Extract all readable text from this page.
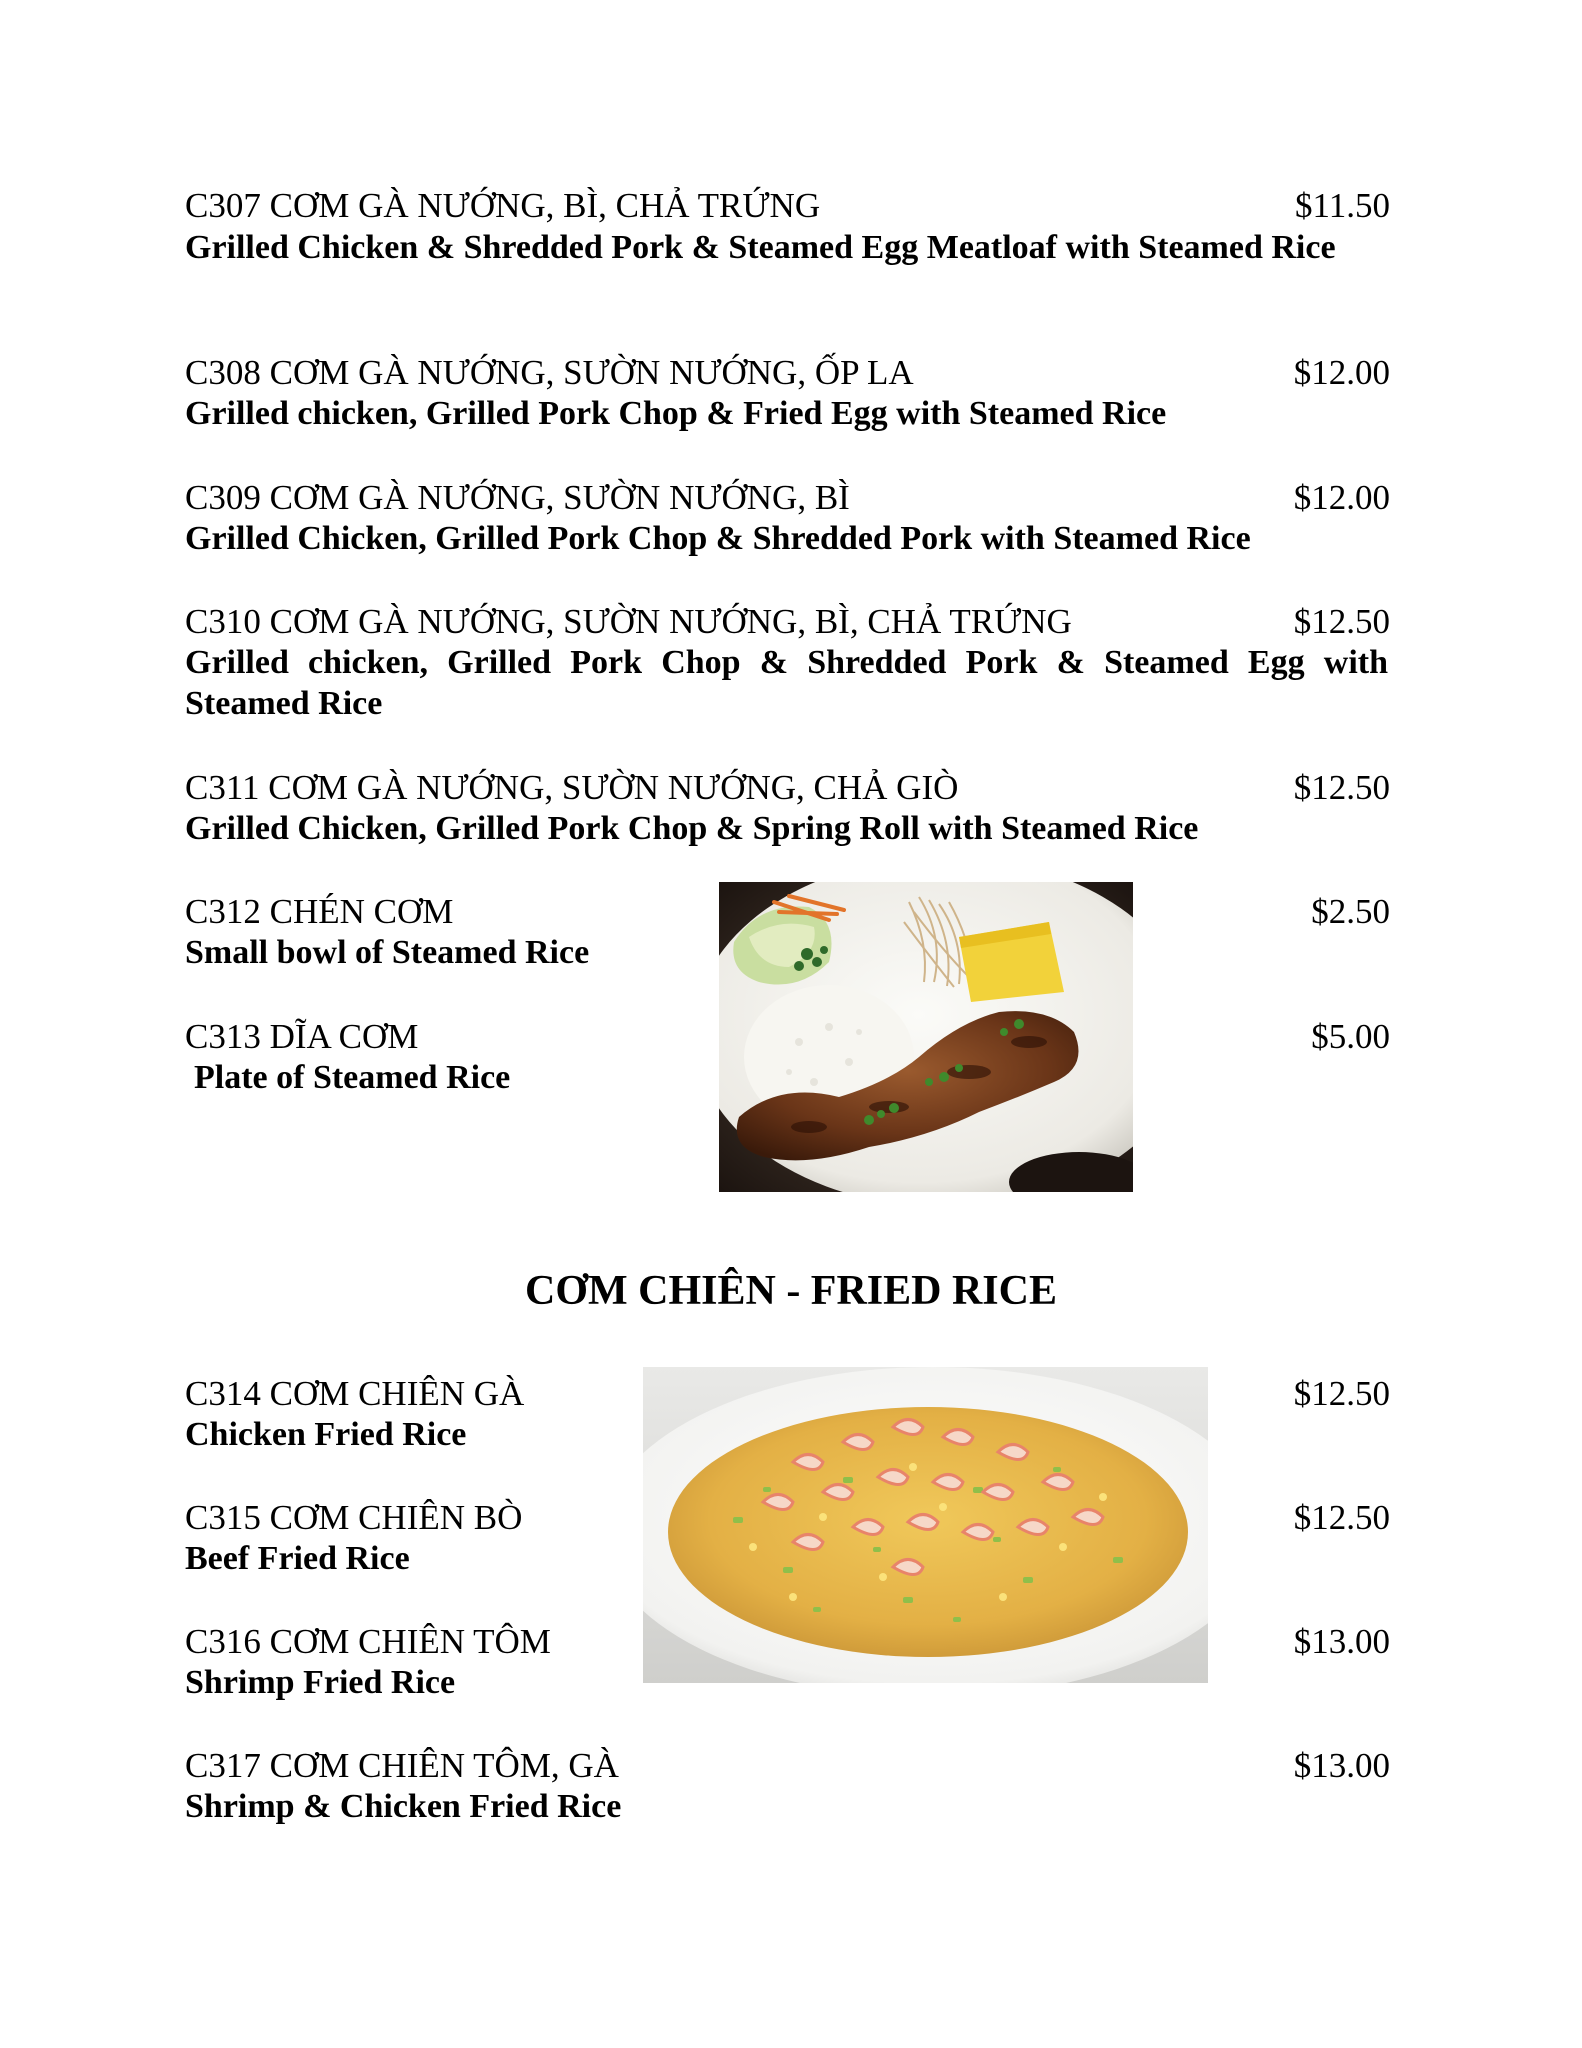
C307 CƠM GÀ NƯỚNG, BÌ, CHẢ TRỨNG	$11.50
Grilled Chicken & Shredded Pork & Steamed Egg Meatloaf with Steamed Rice
C308 CƠM GÀ NƯỚNG, SƯỜN NƯỚNG, ỐP LA	$12.00
Grilled chicken, Grilled Pork Chop & Fried Egg with Steamed Rice
C309 CƠM GÀ NƯỚNG, SƯỜN NƯỚNG, BÌ	$12.00
Grilled Chicken, Grilled Pork Chop & Shredded Pork with Steamed Rice
C310 CƠM GÀ NƯỚNG, SƯỜN NƯỚNG, BÌ, CHẢ TRỨNG	$12.50
Grilled chicken, Grilled Pork Chop & Shredded Pork & Steamed Egg with Steamed Rice
C311 CƠM GÀ NƯỚNG, SƯỜN NƯỚNG, CHẢ GIÒ	$12.50
Grilled Chicken, Grilled Pork Chop & Spring Roll with Steamed Rice
C312 CHÉN CƠM	$2.50
Small bowl of Steamed Rice
C313 DĨA CƠM	$5.00
Plate of Steamed Rice
CƠM CHIÊN - FRIED RICE
C314 CƠM CHIÊN GÀ	$12.50
Chicken Fried Rice
C315 CƠM CHIÊN BÒ	$12.50
Beef Fried Rice
C316 CƠM CHIÊN TÔM	$13.00
Shrimp Fried Rice
C317 CƠM CHIÊN TÔM, GÀ	$13.00
Shrimp & Chicken Fried Rice
